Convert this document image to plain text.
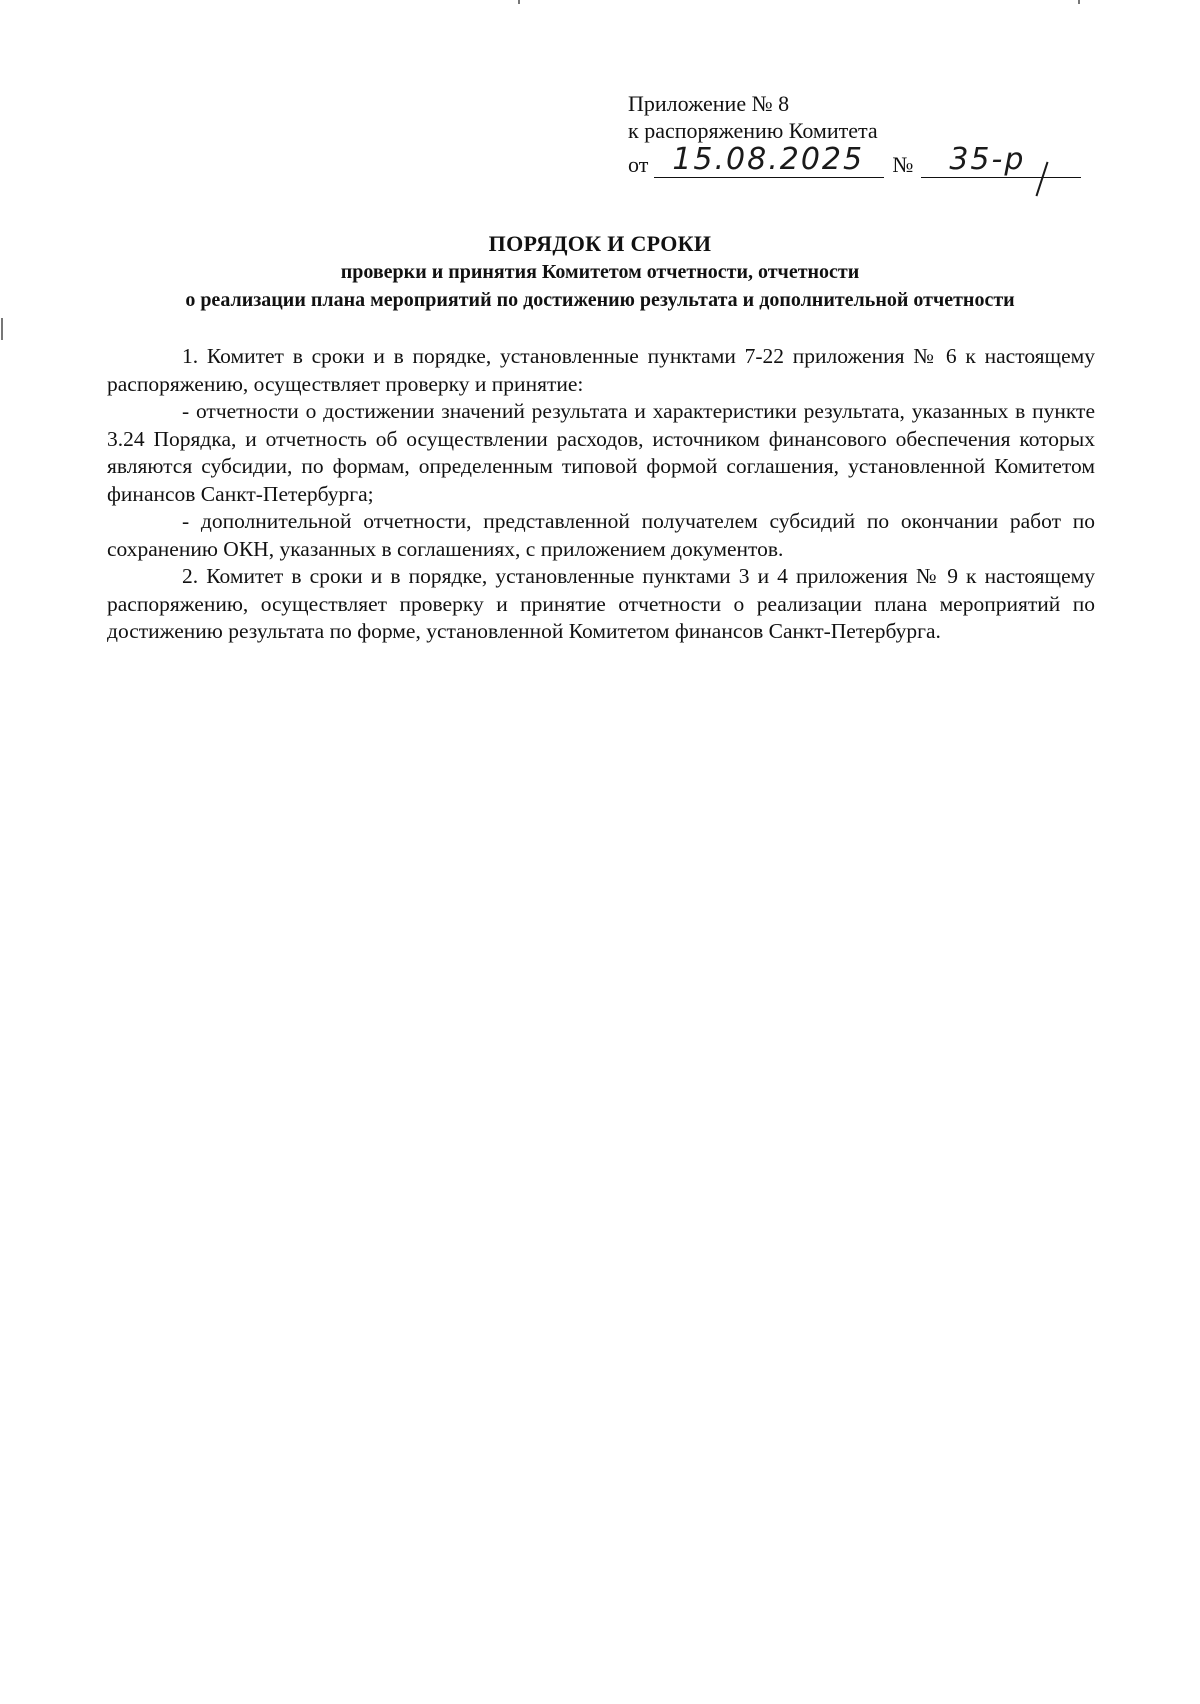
Приложение № 8
к распоряжению Комитета
от 15.08.2025 № 35-р
ПОРЯДОК И СРОКИ
проверки и принятия Комитетом отчетности, отчетности
о реализации плана мероприятий по достижению результата и дополнительной отчетности

1. Комитет в сроки и в порядке, установленные пунктами 7-22 приложения № 6 к настоящему распоряжению, осуществляет проверку и принятие:

- отчетности о достижении значений результата и характеристики результата, указанных в пункте 3.24 Порядка, и отчетность об осуществлении расходов, источником финансового обеспечения которых являются субсидии, по формам, определенным типовой формой соглашения, установленной Комитетом финансов Санкт-Петербурга;

- дополнительной отчетности, представленной получателем субсидий по окончании работ по сохранению ОКН, указанных в соглашениях, с приложением документов.

2. Комитет в сроки и в порядке, установленные пунктами 3 и 4 приложения № 9 к настоящему распоряжению, осуществляет проверку и принятие отчетности о реализации плана мероприятий по достижению результата по форме, установленной Комитетом финансов Санкт-Петербурга.
